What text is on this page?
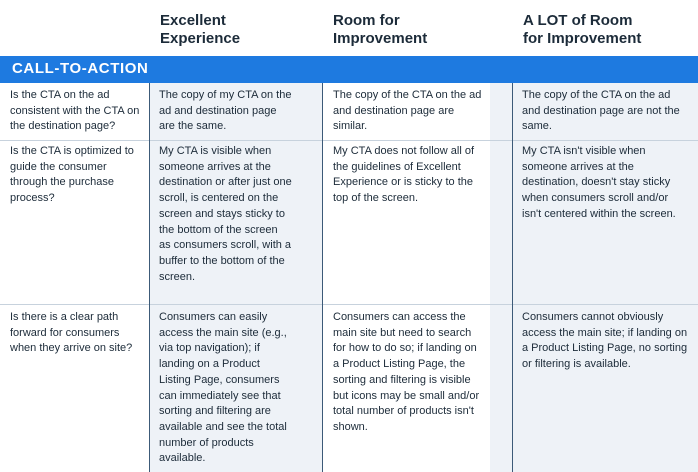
Excellent
Experience
Room for
Improvement
A LOT of Room
for Improvement
CALL-TO-ACTION

Is the CTA on the ad consistent with the CTA on the destination page?

The copy of my CTA on the ad and destination page are the same.

The copy of the CTA on the ad and destination page are similar.

The copy of the CTA on the ad and destination page are not the same.

Is the CTA is optimized to guide the consumer through the purchase process?

My CTA is visible when someone arrives at the destination or after just one scroll, is centered on the screen and stays sticky to the bottom of the screen as consumers scroll, with a buffer to the bottom of the screen.

My CTA does not follow all of the guidelines of Excellent Experience or is sticky to the top of the screen.

My CTA isn't visible when someone arrives at the destination, doesn't stay sticky when consumers scroll and/or isn't centered within the screen.

Is there is a clear path forward for consumers when they arrive on site?

Consumers can easily access the main site (e.g., via top navigation); if landing on a Product Listing Page, consumers can immediately see that sorting and filtering are available and see the total number of products available.

Consumers can access the main site but need to search for how to do so; if landing on a Product Listing Page, the sorting and filtering is visible but icons may be small and/or total number of products isn't shown.

Consumers cannot obviously access the main site; if landing on a Product Listing Page, no sorting or filtering is available.
